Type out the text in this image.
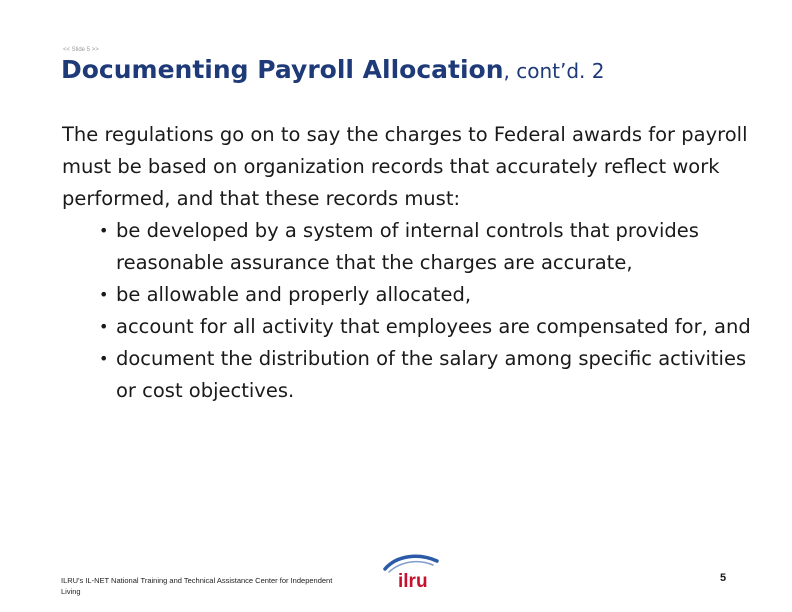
<< Slide 5 >>
Documenting Payroll Allocation, cont’d. 2

The regulations go on to say the charges to Federal awards for payroll must be based on organization records that accurately reflect work performed, and that these records must:

• be developed by a system of internal controls that provides reasonable assurance that the charges are accurate,
• be allowable and properly allocated,
• account for all activity that employees are compensated for, and
• document the distribution of the salary among specific activities or cost objectives.
ILRU's IL-NET National Training and Technical Assistance Center for Independent Living	ilru	5
